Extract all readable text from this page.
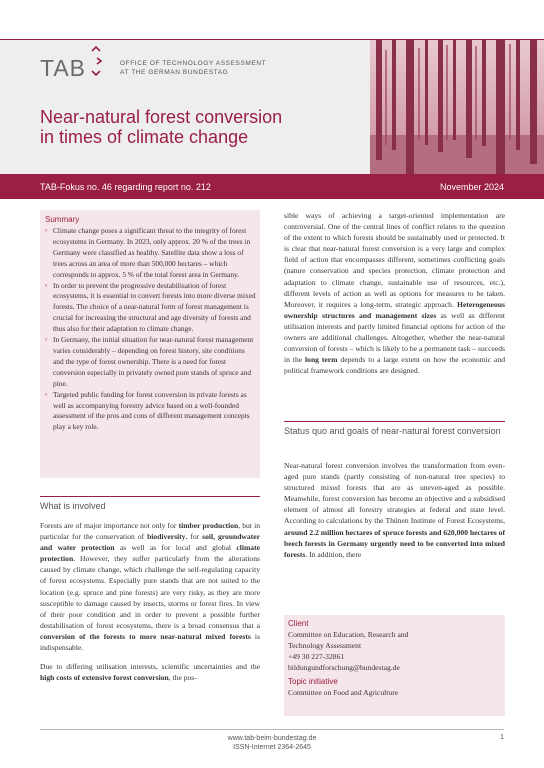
TAB	OFFICE OF TECHNOLOGY ASSESSMENT
AT THE GERMAN BUNDESTAG
Near-natural forest conversion
in times of climate change
TAB-Fokus no. 46 regarding report no. 212	November 2024
Summary
› Climate change poses a significant threat to the integrity of forest ecosystems in Germany. In 2023, only approx. 20 % of the trees in Germany were classified as healthy. Satellite data show a loss of trees across an area of more than 500,000 hectares – which corresponds to approx. 5 % of the total forest area in Germany.
› In order to prevent the progressive destabilisation of forest ecosystems, it is essential to convert forests into more diverse mixed forests. The choice of a near-natural form of forest management is crucial for increasing the structural and age diversity of forests and thus also for their adaptation to climate change.
› In Germany, the initial situation for near-natural forest management varies considerably – depending on forest history, site conditions and the type of forest ownership. There is a need for forest conversion especially in privately owned pure stands of spruce and pine.
› Targeted public funding for forest conversion in private forests as well as accompanying forestry advice based on a well-founded assessment of the pros and cons of different management concepts play a key role.
What is involved

Forests are of major importance not only for timber production, but in particular for the conservation of biodiversity, for soil, groundwater and water protection as well as for local and global climate protection. However, they suffer particularly from the alterations caused by climate change, which challenge the self-regulating capacity of forest ecosystems. Especially pure stands that are not suited to the location (e.g. spruce and pine forests) are very risky, as they are more susceptible to damage caused by insects, storms or forest fires. In view of their poor condition and in order to prevent a possible further destabilisation of forest ecosystems, there is a broad consensus that a conversion of the forests to more near-natural mixed forests is indispensable.

Due to differing utilisation interests, scientific uncertainties and the high costs of extensive forest conversion, the pos-

sible ways of achieving a target-oriented implementation are controversial. One of the central lines of conflict relates to the question of the extent to which forests should be sustainably used or protected. It is clear that near-natural forest conversion is a very large and complex field of action that encompasses different, sometimes conflicting goals (nature conservation and species protection, climate protection and adaptation to climate change, sustainable use of resources, etc.), different levels of action as well as options for measures to be taken. Moreover, it requires a long-term, strategic approach. Heterogeneous ownership structures and management sizes as well as different utilisation interests and partly limited financial options for action of the owners are additional challenges. Altogether, whether the near-natural conversion of forests – which is likely to be a permanent task – succeeds in the long term depends to a large extent on how the economic and political framework conditions are designed.

Status quo and goals of near-natural forest conversion

Near-natural forest conversion involves the transformation from even-aged pure stands (partly consisting of non-natural tree species) to structured mixed forests that are as uneven-aged as possible. Meanwhile, forest conversion has become an objective and a subsidised element of almost all forestry strategies at federal and state level. According to calculations by the Thünen Institute of Forest Ecosystems, around 2.2 million hectares of spruce forests and 620,000 hectares of beech forests in Germany urgently need to be converted into mixed forests. In addition, there

Client
Committee on Education, Research and
Technology Assessment
+49 30 227-32861
bildungundforschung@bundestag.de
Topic initiative
Committee on Food and Agriculture
www.tab-beim-bundestag.de
ISSN-Internet 2364-2645
1
